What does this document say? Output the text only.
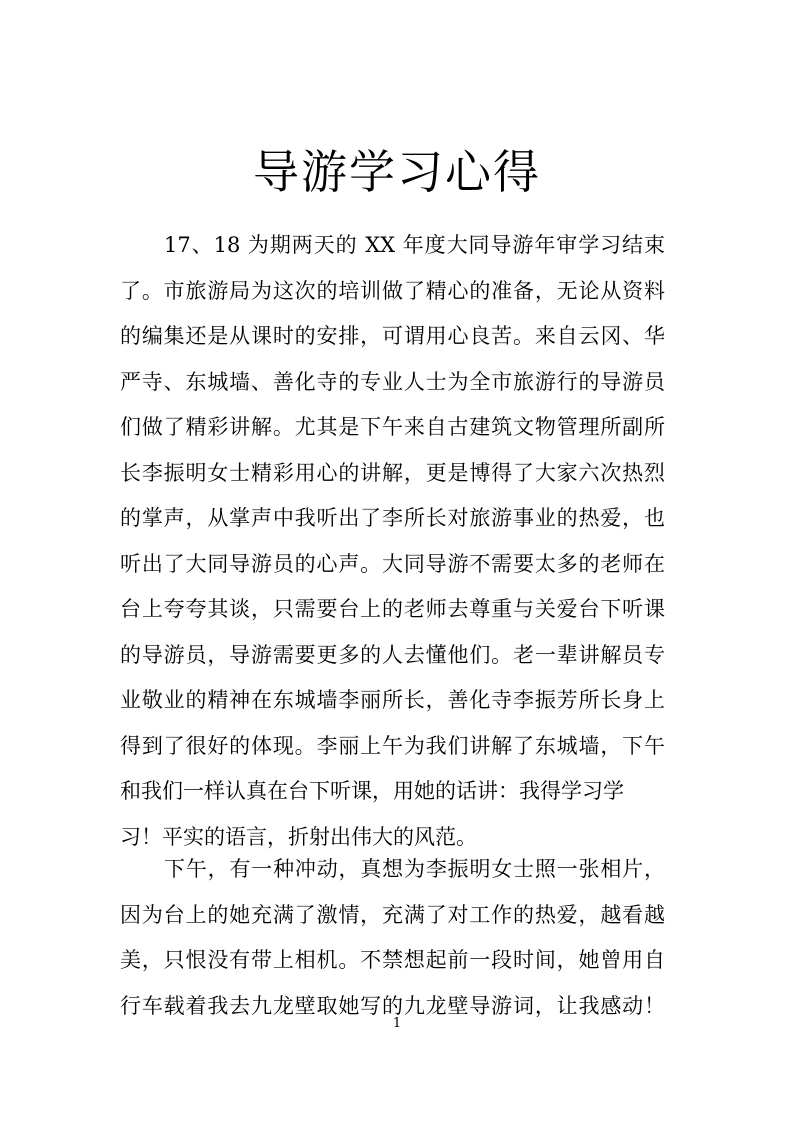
导游学习心得
17、18 为期两天的 XX 年度大同导游年审学习结束
了。市旅游局为这次的培训做了精心的准备，无论从资料
的编集还是从课时的安排，可谓用心良苦。来自云冈、华
严寺、东城墙、善化寺的专业人士为全市旅游行的导游员
们做了精彩讲解。尤其是下午来自古建筑文物管理所副所
长李振明女士精彩用心的讲解，更是博得了大家六次热烈
的掌声，从掌声中我听出了李所长对旅游事业的热爱，也
听出了大同导游员的心声。大同导游不需要太多的老师在
台上夸夸其谈，只需要台上的老师去尊重与关爱台下听课
的导游员，导游需要更多的人去懂他们。老一辈讲解员专
业敬业的精神在东城墙李丽所长，善化寺李振芳所长身上
得到了很好的体现。李丽上午为我们讲解了东城墙，下午
和我们一样认真在台下听课，用她的话讲：我得学习学
习！平实的语言，折射出伟大的风范。
下午，有一种冲动，真想为李振明女士照一张相片，
因为台上的她充满了激情，充满了对工作的热爱，越看越
美，只恨没有带上相机。不禁想起前一段时间，她曾用自
行车载着我去九龙壁取她写的九龙壁导游词，让我感动！
1
